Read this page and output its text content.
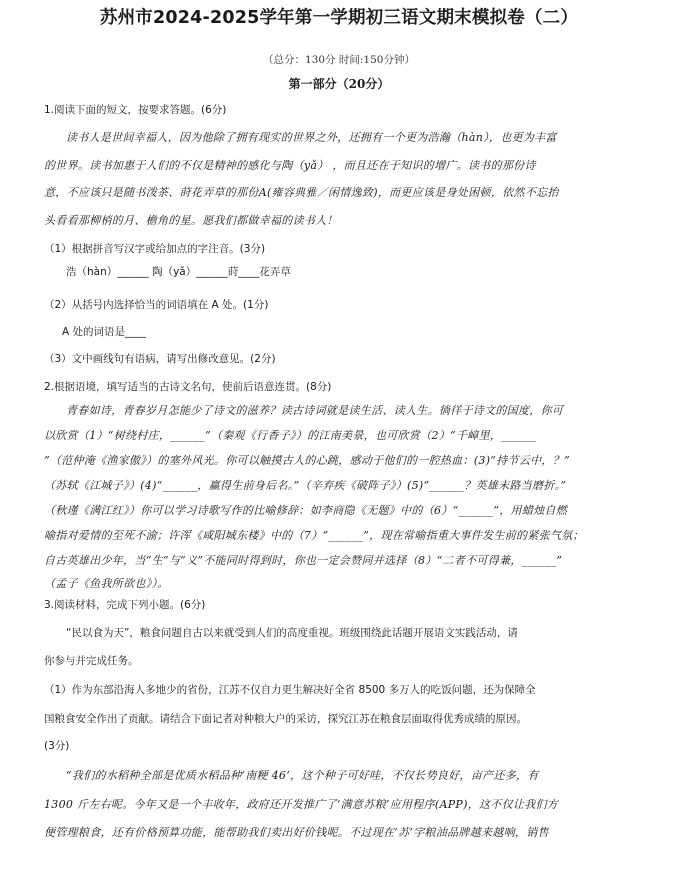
苏州市2024-2025学年第一学期初三语文期末模拟卷（二）
（总分：130分 时间:150分钟）
第一部分（20分）
1.阅读下面的短文，按要求答题。(6分)
读书人是世间幸福人，因为他除了拥有现实的世界之外，还拥有一个更为浩瀚（hàn），也更为丰富
的世界。读书加惠于人们的不仅是精神的感化与陶（yǎ） ，而且还在于知识的增广。读书的那份诗
意，不应该只是随书泼茶、莳花弄草的那份A(雍容典雅／闲情逸致)，而更应该是身处困顿，依然不忘抬
头看看那柳梢的月、檐角的星。愿我们都做幸福的读书人！
（1）根据拼音写汉字或给加点的字注音。(3分)
浩（hàn）______ 陶（yǎ）______莳____花弄草
（2）从括号内选择恰当的词语填在 A 处。(1分)
A 处的词语是____
（3）文中画线句有语病，请写出修改意见。(2分)
2.根据语境，填写适当的古诗文名句，使前后语意连贯。(8分)
青春如诗，青春岁月怎能少了诗文的滋养？读古诗词就是读生活、读人生。徜徉于诗文的国度，你可
以欣赏（1）“树绕村庄，______”（秦观《行香子》）的江南美景，也可欣赏（2）“千嶂里，______
”（范仲淹《渔家傲》）的塞外风光。你可以触摸古人的心跳，感动于他们的一腔热血：(3)“持节云中，？”
（苏轼《江城子》）(4)“______，赢得生前身后名。”（辛弃疾《破阵子》）(5)“______？英雄末路当磨折。”
（秋瑾《满江红》）你可以学习诗歌写作的比喻修辞：如李商隐《无题》中的（6）“______”，用蜡烛自燃
喻指对爱情的至死不渝；许浑《咸阳城东楼》中的（7）“______”，现在常喻指重大事件发生前的紧张气氛；
自古英雄出少年，当“生”与“义”不能同时得到时，你也一定会赞同并选择（8）“二者不可得兼，______”
（孟子《鱼我所欲也》）。
3.阅读材料，完成下列小题。(6分)
“民以食为天”，粮食问题自古以来就受到人们的高度重视。班级围绕此话题开展语文实践活动，请
你参与并完成任务。
（1）作为东部沿海人多地少的省份，江苏不仅自力更生解决好全省 8500 多万人的吃饭问题，还为保障全
国粮食安全作出了贡献。请结合下面记者对种粮大户的采访，探究江苏在粮食层面取得优秀成绩的原因。
(3分)
“我们的水稻种全部是优质水稻品种‘南粳 46’，这个种子可好哇，不仅长势良好，亩产还多，有
1300 斤左右呢。今年又是一个丰收年，政府还开发推广了‘满意苏粮’应用程序(APP)，这不仅让我们方
便管理粮食，还有价格预算功能，能帮助我们卖出好价钱呢。不过现在‘苏’字粮油品牌越来越响，销售
